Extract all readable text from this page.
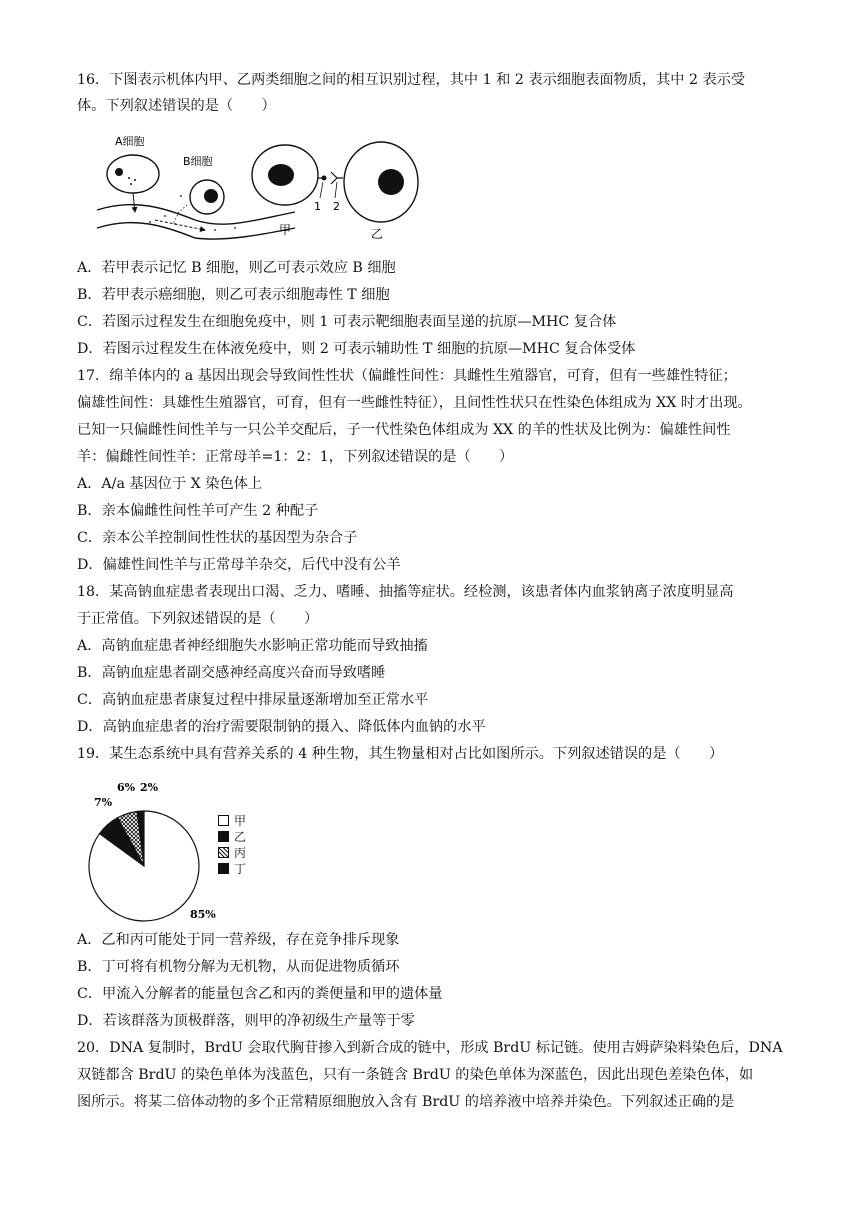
16．下图表示机体内甲、乙两类细胞之间的相互识别过程，其中 1 和 2 表示细胞表面物质，其中 2 表示受
体。下列叙述错误的是（　　）
A细胞
B细胞
1 2
甲	乙
A．若甲表示记忆 B 细胞，则乙可表示效应 B 细胞
B．若甲表示癌细胞，则乙可表示细胞毒性 T 细胞
C．若图示过程发生在细胞免疫中，则 1 可表示靶细胞表面呈递的抗原—MHC 复合体
D．若图示过程发生在体液免疫中，则 2 可表示辅助性 T 细胞的抗原—MHC 复合体受体
17．绵羊体内的 a 基因出现会导致间性性状（偏雌性间性：具雌性生殖器官，可育，但有一些雄性特征；
偏雄性间性：具雄性生殖器官，可育，但有一些雌性特征），且间性性状只在性染色体组成为 XX 时才出现。
已知一只偏雌性间性羊与一只公羊交配后，子一代性染色体组成为 XX 的羊的性状及比例为：偏雄性间性
羊：偏雌性间性羊：正常母羊=1：2：1，下列叙述错误的是（　　）
A．A/a 基因位于 X 染色体上
B．亲本偏雌性间性羊可产生 2 种配子
C．亲本公羊控制间性性状的基因型为杂合子
D．偏雄性间性羊与正常母羊杂交，后代中没有公羊
18．某高钠血症患者表现出口渴、乏力、嗜睡、抽搐等症状。经检测，该患者体内血浆钠离子浓度明显高
于正常值。下列叙述错误的是（　　）
A．高钠血症患者神经细胞失水影响正常功能而导致抽搐
B．高钠血症患者副交感神经高度兴奋而导致嗜睡
C．高钠血症患者康复过程中排尿量逐渐增加至正常水平
D．高钠血症患者的治疗需要限制钠的摄入、降低体内血钠的水平
19．某生态系统中具有营养关系的 4 种生物，其生物量相对占比如图所示。下列叙述错误的是（　　）
2%
6%
7%
85%
甲
乙
丙
丁
A．乙和丙可能处于同一营养级，存在竞争排斥现象
B．丁可将有机物分解为无机物，从而促进物质循环
C．甲流入分解者的能量包含乙和丙的粪便量和甲的遗体量
D．若该群落为顶极群落，则甲的净初级生产量等于零
20．DNA 复制时，BrdU 会取代胸苷掺入到新合成的链中，形成 BrdU 标记链。使用吉姆萨染料染色后，DNA
双链都含 BrdU 的染色单体为浅蓝色，只有一条链含 BrdU 的染色单体为深蓝色，因此出现色差染色体，如
图所示。将某二倍体动物的多个正常精原细胞放入含有 BrdU 的培养液中培养并染色。下列叙述正确的是
